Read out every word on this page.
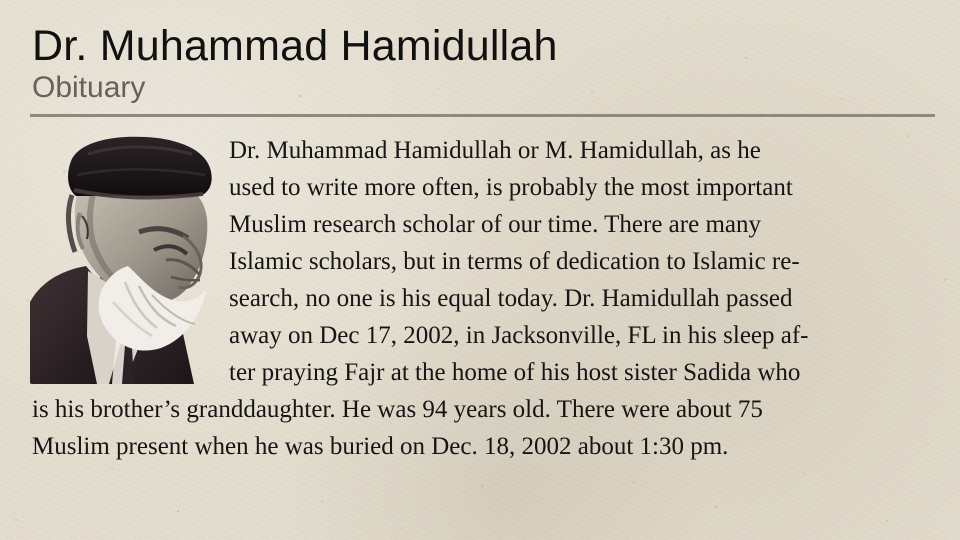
Dr. Muhammad Hamidullah
Obituary
Dr. Muhammad Hamidullah or M. Hamidullah, as he
used to write more often, is probably the most important
Muslim research scholar of our time. There are many
Islamic scholars, but in terms of dedication to Islamic re-
search, no one is his equal today. Dr. Hamidullah passed
away on Dec 17, 2002, in Jacksonville, FL in his sleep af-
ter praying Fajr at the home of his host sister Sadida who
is his brother’s granddaughter. He was 94 years old. There were about 75
Muslim present when he was buried on Dec. 18, 2002 about 1:30 pm.
